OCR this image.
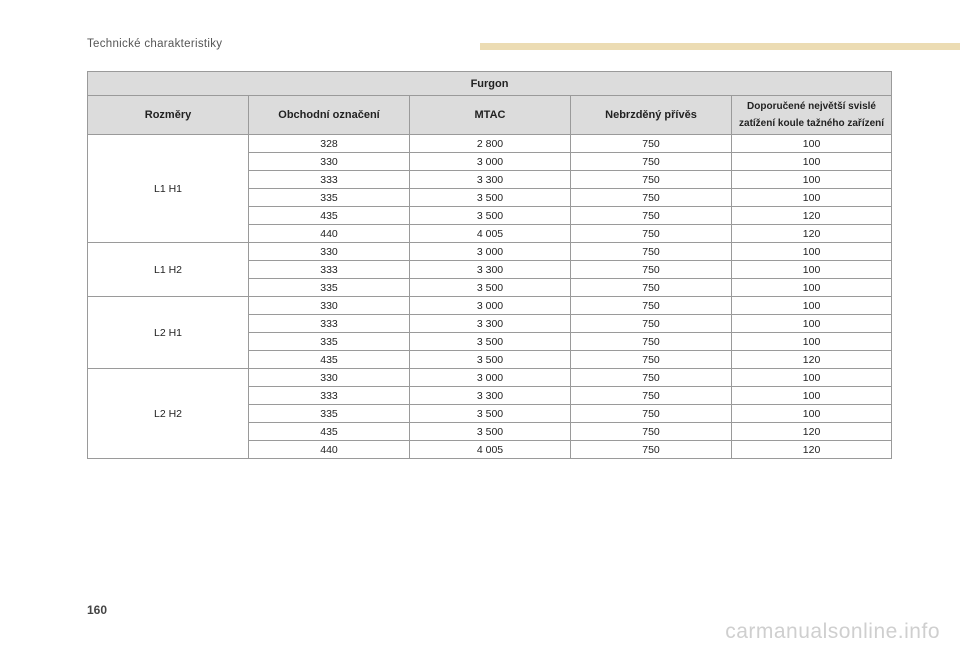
Technické charakteristiky
Furgon				
Rozměry	Obchodní označení	MTAC	Nebrzděný přívěs	Doporučené největší svislé
zatížení koule tažného zařízení
L1 H1	328	2 800	750	100
	330	3 000	750	100
	333	3 300	750	100
	335	3 500	750	100
	435	3 500	750	120
	440	4 005	750	120
L1 H2	330	3 000	750	100
	333	3 300	750	100
	335	3 500	750	100
L2 H1	330	3 000	750	100
	333	3 300	750	100
	335	3 500	750	100
	435	3 500	750	120
L2 H2	330	3 000	750	100
	333	3 300	750	100
	335	3 500	750	100
	435	3 500	750	120
	440	4 005	750	120
160
carmanualsonline.info
